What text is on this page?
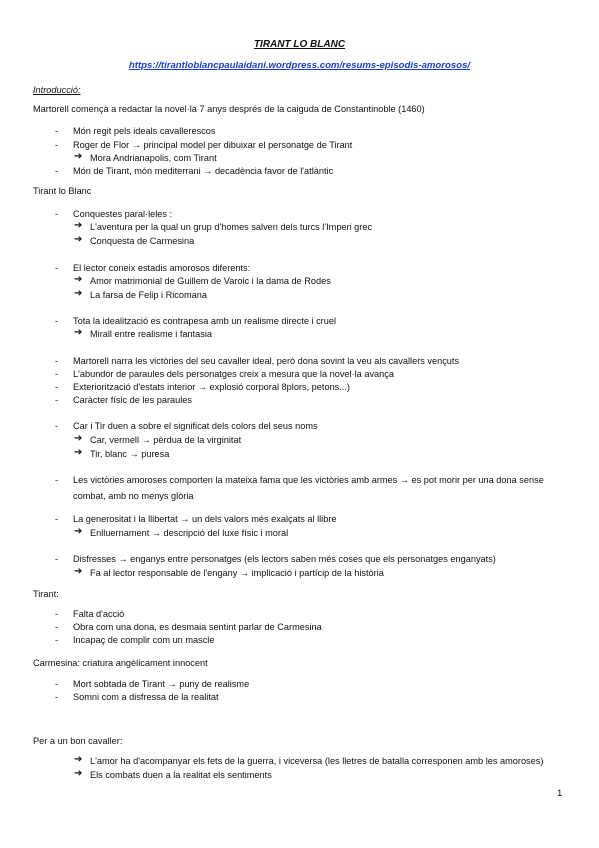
TIRANT LO BLANC
https://tirantloblancpaulaidani.wordpress.com/resums-episodis-amorosos/
Introducció:
Martorell començà a redactar la novel·la 7 anys després de la caiguda de Constantinoble (1460)
- Món regit pels ideals cavallerescos
- Roger de Flor → principal model per dibuixar el personatge de Tirant
➔ Mora Andrianapolis, com Tirant
- Món de Tirant, món mediterrani → decadència favor de l'atlàntic
Tirant lo Blanc
- Conquestes paral·leles :
➔ L'aventura per la qual un grup d'homes salven dels turcs l'Imperi grec
➔ Conquesta de Carmesina
- El lector coneix estadis amorosos diferents:
➔ Amor matrimonial de Guillem de Varoic i la dama de Rodes
➔ La farsa de Felip i Ricomana
- Tota la idealització es contrapesa amb un realisme directe i cruel
➔ Mirall entre realisme i fantasia
- Martorell narra les victòries del seu cavaller ideal, però dona sovint la veu als cavallers vençuts
- L'abundor de paraules dels personatges creix a mesura que la novel·la avança
- Exteriorització d'estats interior → explosió corporal 8plors, petons...)
- Caràcter físic de les paraules
- Car i Tir duen a sobre el significat dels colors del seus noms
➔ Car, vermell → pèrdua de la virginitat
➔ Tir, blanc → puresa
- Les victòries amoroses comporten la mateixa fama que les victòries amb armes → es pot morir per una dona sense
combat, amb no menys glòria
- La generositat i la llibertat → un dels valors més exalçats al llibre
➔ Enlluernament → descripció del luxe físic i moral
- Disfresses → enganys entre personatges (els lectors saben més coses que els personatges enganyats)
➔ Fa al lector responsable de l'engany → implicació i partícip de la història
Tirant:
- Falta d'acció
- Obra com una dona, es desmaia sentint parlar de Carmesina
- Incapaç de complir com un mascle
Carmesina: criatura angèlicament innocent
- Mort sobtada de Tirant → puny de realisme
- Somni com a disfressa de la realitat
Per a un bon cavaller:
➔ L'amor ha d'acompanyar els fets de la guerra, i viceversa (les lletres de batalla corresponen amb les amoroses)
➔ Els combats duen a la realitat els sentiments
1
